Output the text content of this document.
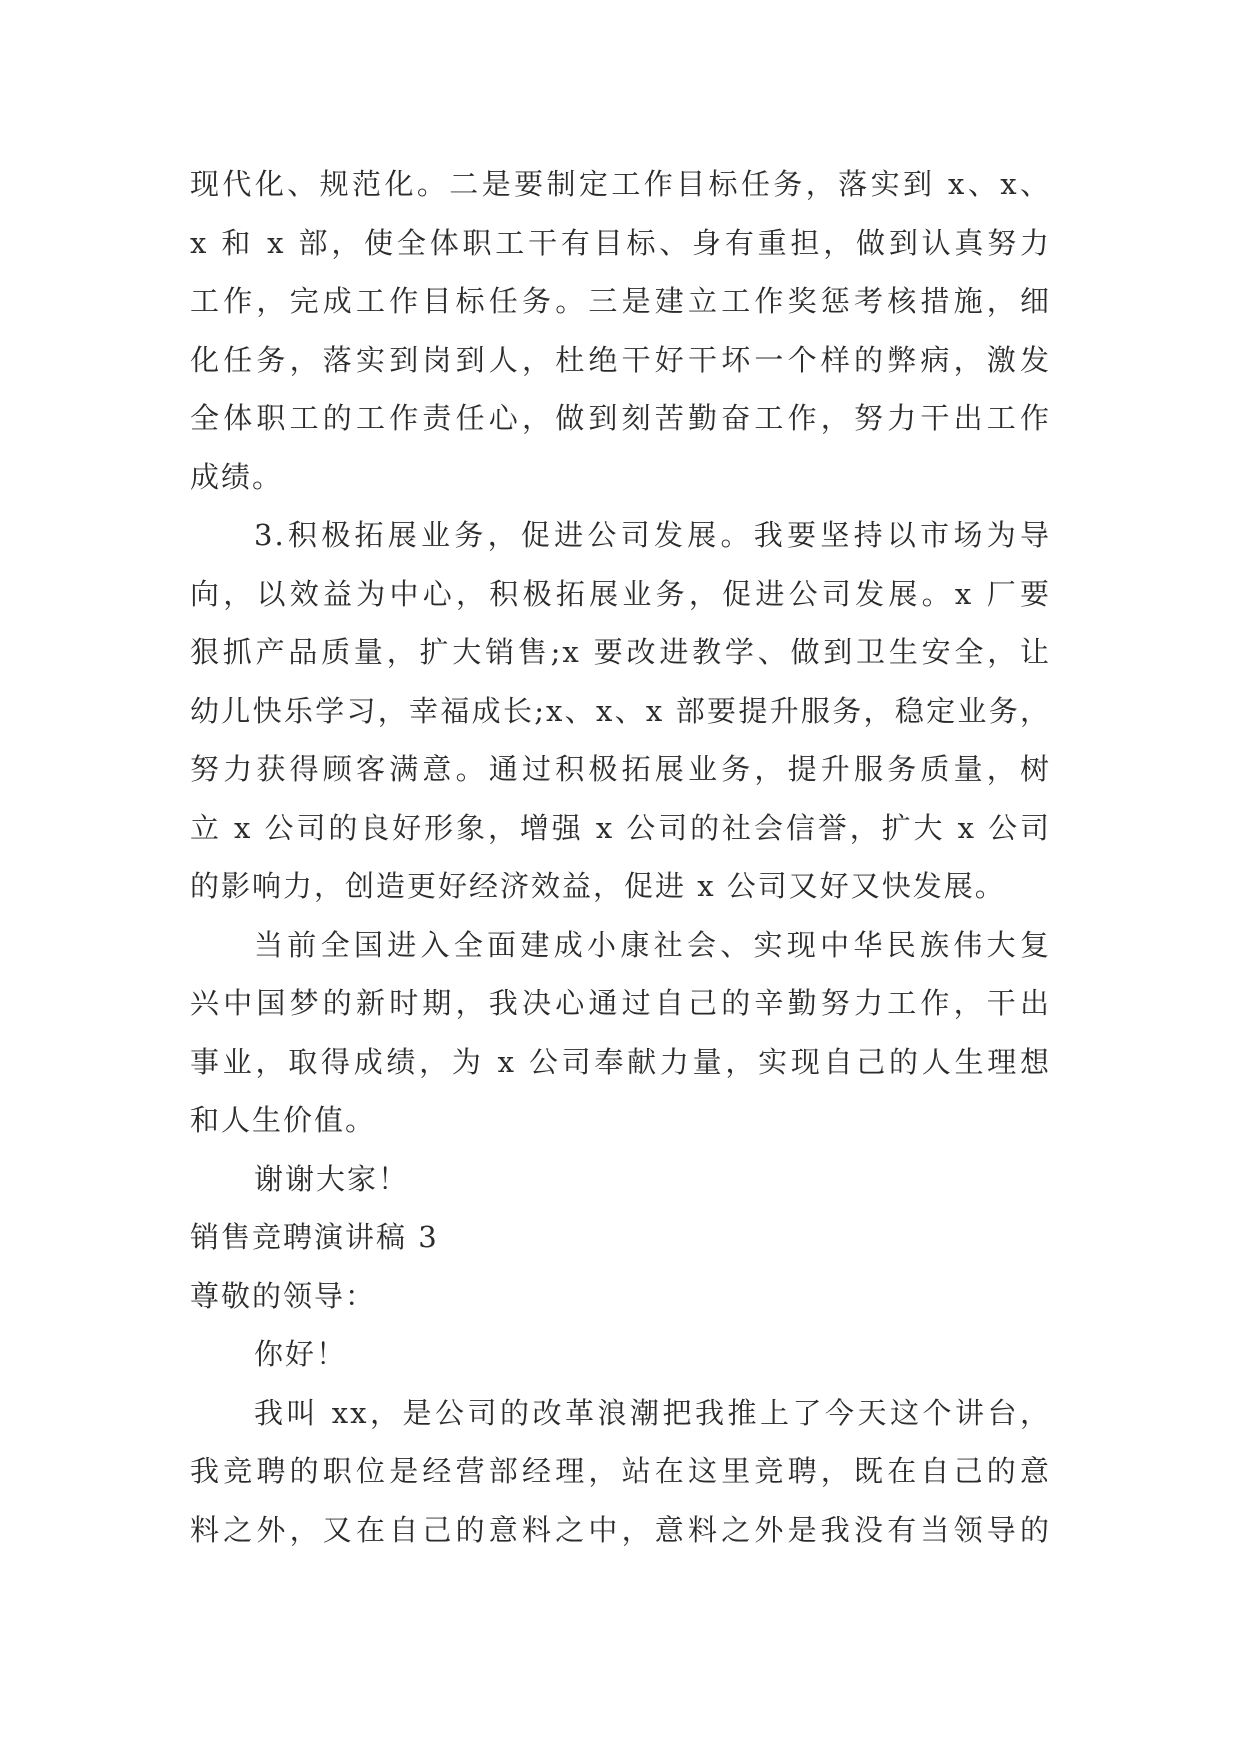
现代化、规范化。二是要制定工作目标任务，落实到 x、x、
x 和 x 部，使全体职工干有目标、身有重担，做到认真努力
工作，完成工作目标任务。三是建立工作奖惩考核措施，细
化任务，落实到岗到人，杜绝干好干坏一个样的弊病，激发
全体职工的工作责任心，做到刻苦勤奋工作，努力干出工作
成绩。
3.积极拓展业务，促进公司发展。我要坚持以市场为导
向，以效益为中心，积极拓展业务，促进公司发展。x 厂要
狠抓产品质量，扩大销售;x 要改进教学、做到卫生安全，让
幼儿快乐学习，幸福成长;x、x、x 部要提升服务，稳定业务，
努力获得顾客满意。通过积极拓展业务，提升服务质量，树
立 x 公司的良好形象，增强 x 公司的社会信誉，扩大 x 公司
的影响力，创造更好经济效益，促进 x 公司又好又快发展。
当前全国进入全面建成小康社会、实现中华民族伟大复
兴中国梦的新时期，我决心通过自己的辛勤努力工作，干出
事业，取得成绩，为 x 公司奉献力量，实现自己的人生理想
和人生价值。
谢谢大家！
销售竞聘演讲稿 3
尊敬的领导：
你好！
我叫 xx，是公司的改革浪潮把我推上了今天这个讲台，
我竞聘的职位是经营部经理，站在这里竞聘，既在自己的意
料之外，又在自己的意料之中，意料之外是我没有当领导的
